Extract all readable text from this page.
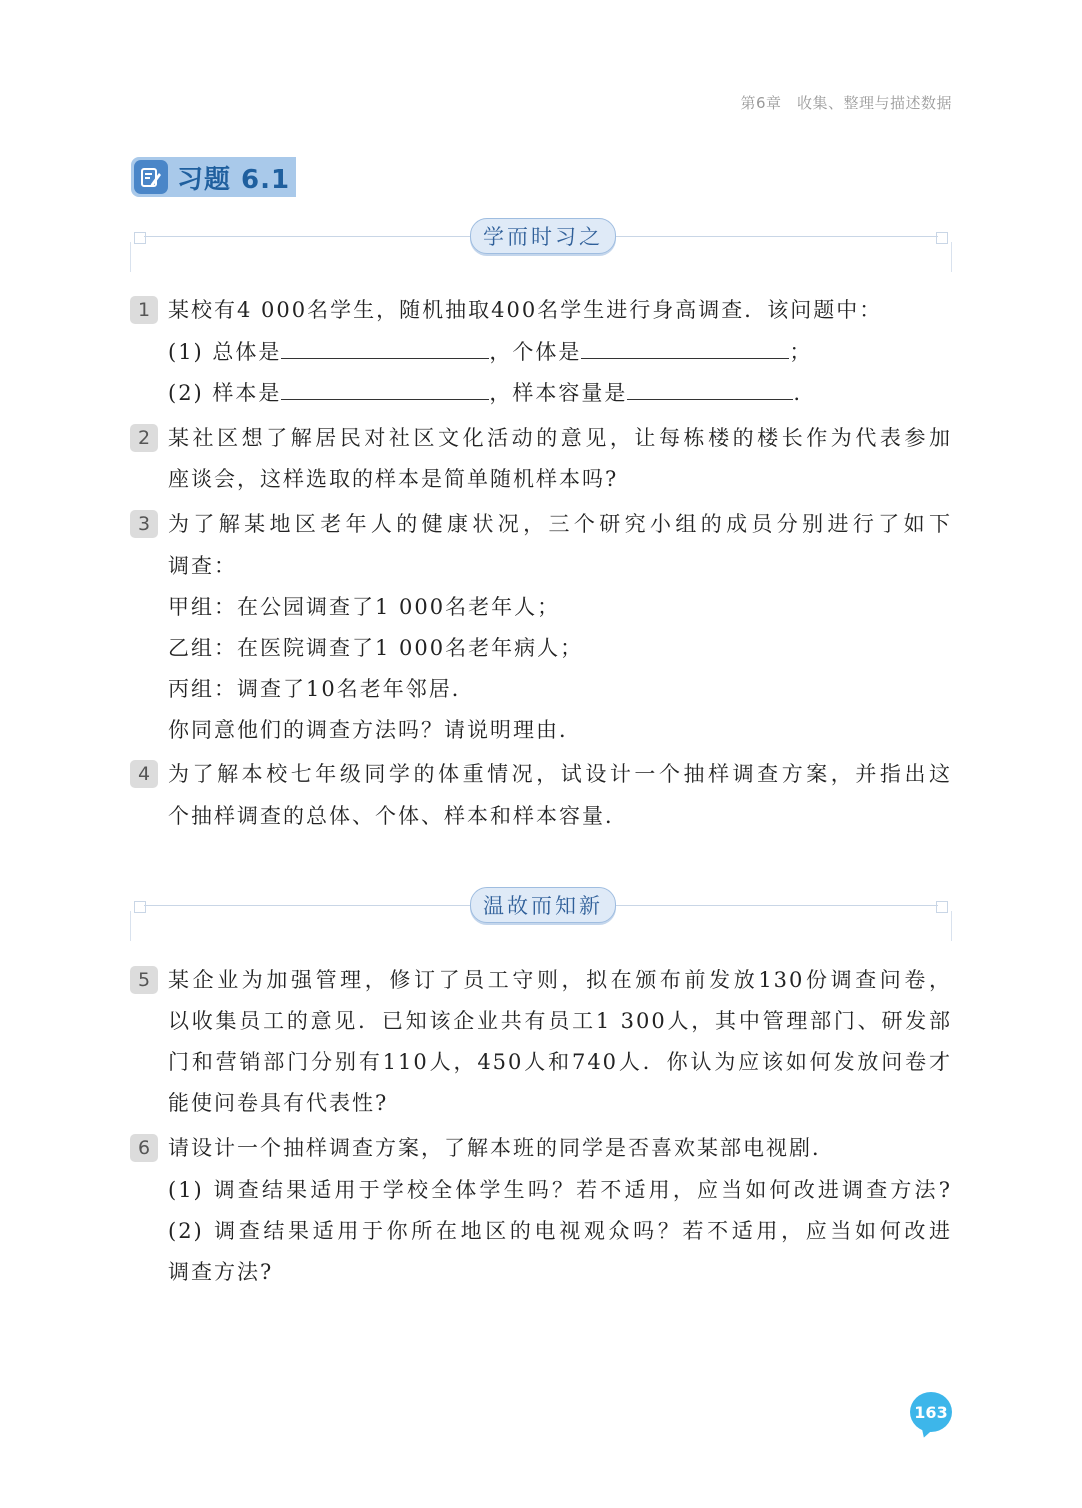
第6章　收集、整理与描述数据
习题 6.1
学而时习之
1 某校有4 000名学生，随机抽取400名学生进行身高调查．该问题中：
(1) 总体是	，个体是	；
(2) 样本是	，样本容量是	.
2 某社区想了解居民对社区文化活动的意见，让每栋楼的楼长作为代表参加
座谈会，这样选取的样本是简单随机样本吗?
3 为了解某地区老年人的健康状况，三个研究小组的成员分别进行了如下
调查：
甲组：在公园调查了1 000名老年人；
乙组：在医院调查了1 000名老年病人；
丙组：调查了10名老年邻居．
你同意他们的调查方法吗？请说明理由．
4 为了解本校七年级同学的体重情况，试设计一个抽样调查方案，并指出这
个抽样调查的总体、个体、样本和样本容量．
温故而知新
5 某企业为加强管理，修订了员工守则，拟在颁布前发放130份调查问卷，
以收集员工的意见．已知该企业共有员工1 300人，其中管理部门、研发部
门和营销部门分别有110人，450人和740人．你认为应该如何发放问卷才
能使问卷具有代表性?
6 请设计一个抽样调查方案，了解本班的同学是否喜欢某部电视剧．
(1) 调查结果适用于学校全体学生吗？若不适用，应当如何改进调查方法?
(2) 调查结果适用于你所在地区的电视观众吗？若不适用，应当如何改进
调查方法?
163
